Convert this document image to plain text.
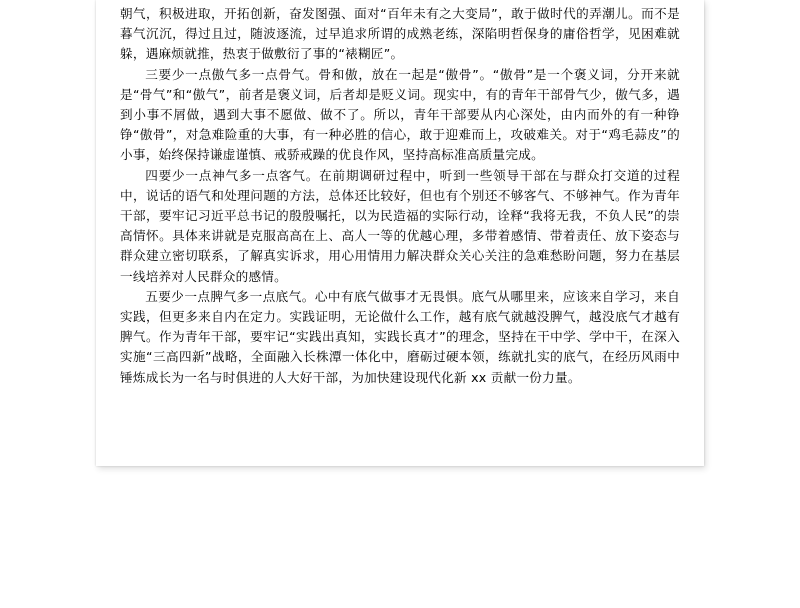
朝气，积极进取，开拓创新，奋发图强、面对“百年未有之大变局”，敢于做时代的弄潮儿。而不是暮气沉沉，得过且过，随波逐流，过早追求所谓的成熟老练，深陷明哲保身的庸俗哲学，见困难就躲，遇麻烦就推，热衷于做敷衍了事的“裱糊匠”。

三要少一点傲气多一点骨气。骨和傲，放在一起是“傲骨”。“傲骨”是一个褒义词，分开来就是“骨气”和“傲气”，前者是褒义词，后者却是贬义词。现实中，有的青年干部骨气少，傲气多，遇到小事不屑做，遇到大事不愿做、做不了。所以，青年干部要从内心深处，由内而外的有一种铮铮“傲骨”，对急难险重的大事，有一种必胜的信心，敢于迎难而上，攻破难关。对于“鸡毛蒜皮”的小事，始终保持谦虚谨慎、戒骄戒躁的优良作风，坚持高标准高质量完成。

四要少一点神气多一点客气。在前期调研过程中，听到一些领导干部在与群众打交道的过程中，说话的语气和处理问题的方法，总体还比较好，但也有个别还不够客气、不够神气。作为青年干部，要牢记习近平总书记的殷殷嘱托，以为民造福的实际行动，诠释“我将无我，不负人民”的崇高情怀。具体来讲就是克服高高在上、高人一等的优越心理，多带着感情、带着责任、放下姿态与群众建立密切联系，了解真实诉求，用心用情用力解决群众关心关注的急难愁盼问题，努力在基层一线培养对人民群众的感情。

五要少一点脾气多一点底气。心中有底气做事才无畏惧。底气从哪里来，应该来自学习，来自实践，但更多来自内在定力。实践证明，无论做什么工作，越有底气就越没脾气，越没底气才越有脾气。作为青年干部，要牢记“实践出真知，实践长真才”的理念，坚持在干中学、学中干，在深入实施“三高四新”战略，全面融入长株潭一体化中，磨砺过硬本领，练就扎实的底气，在经历风雨中锤炼成长为一名与时俱进的人大好干部，为加快建设现代化新 xx 贡献一份力量。
